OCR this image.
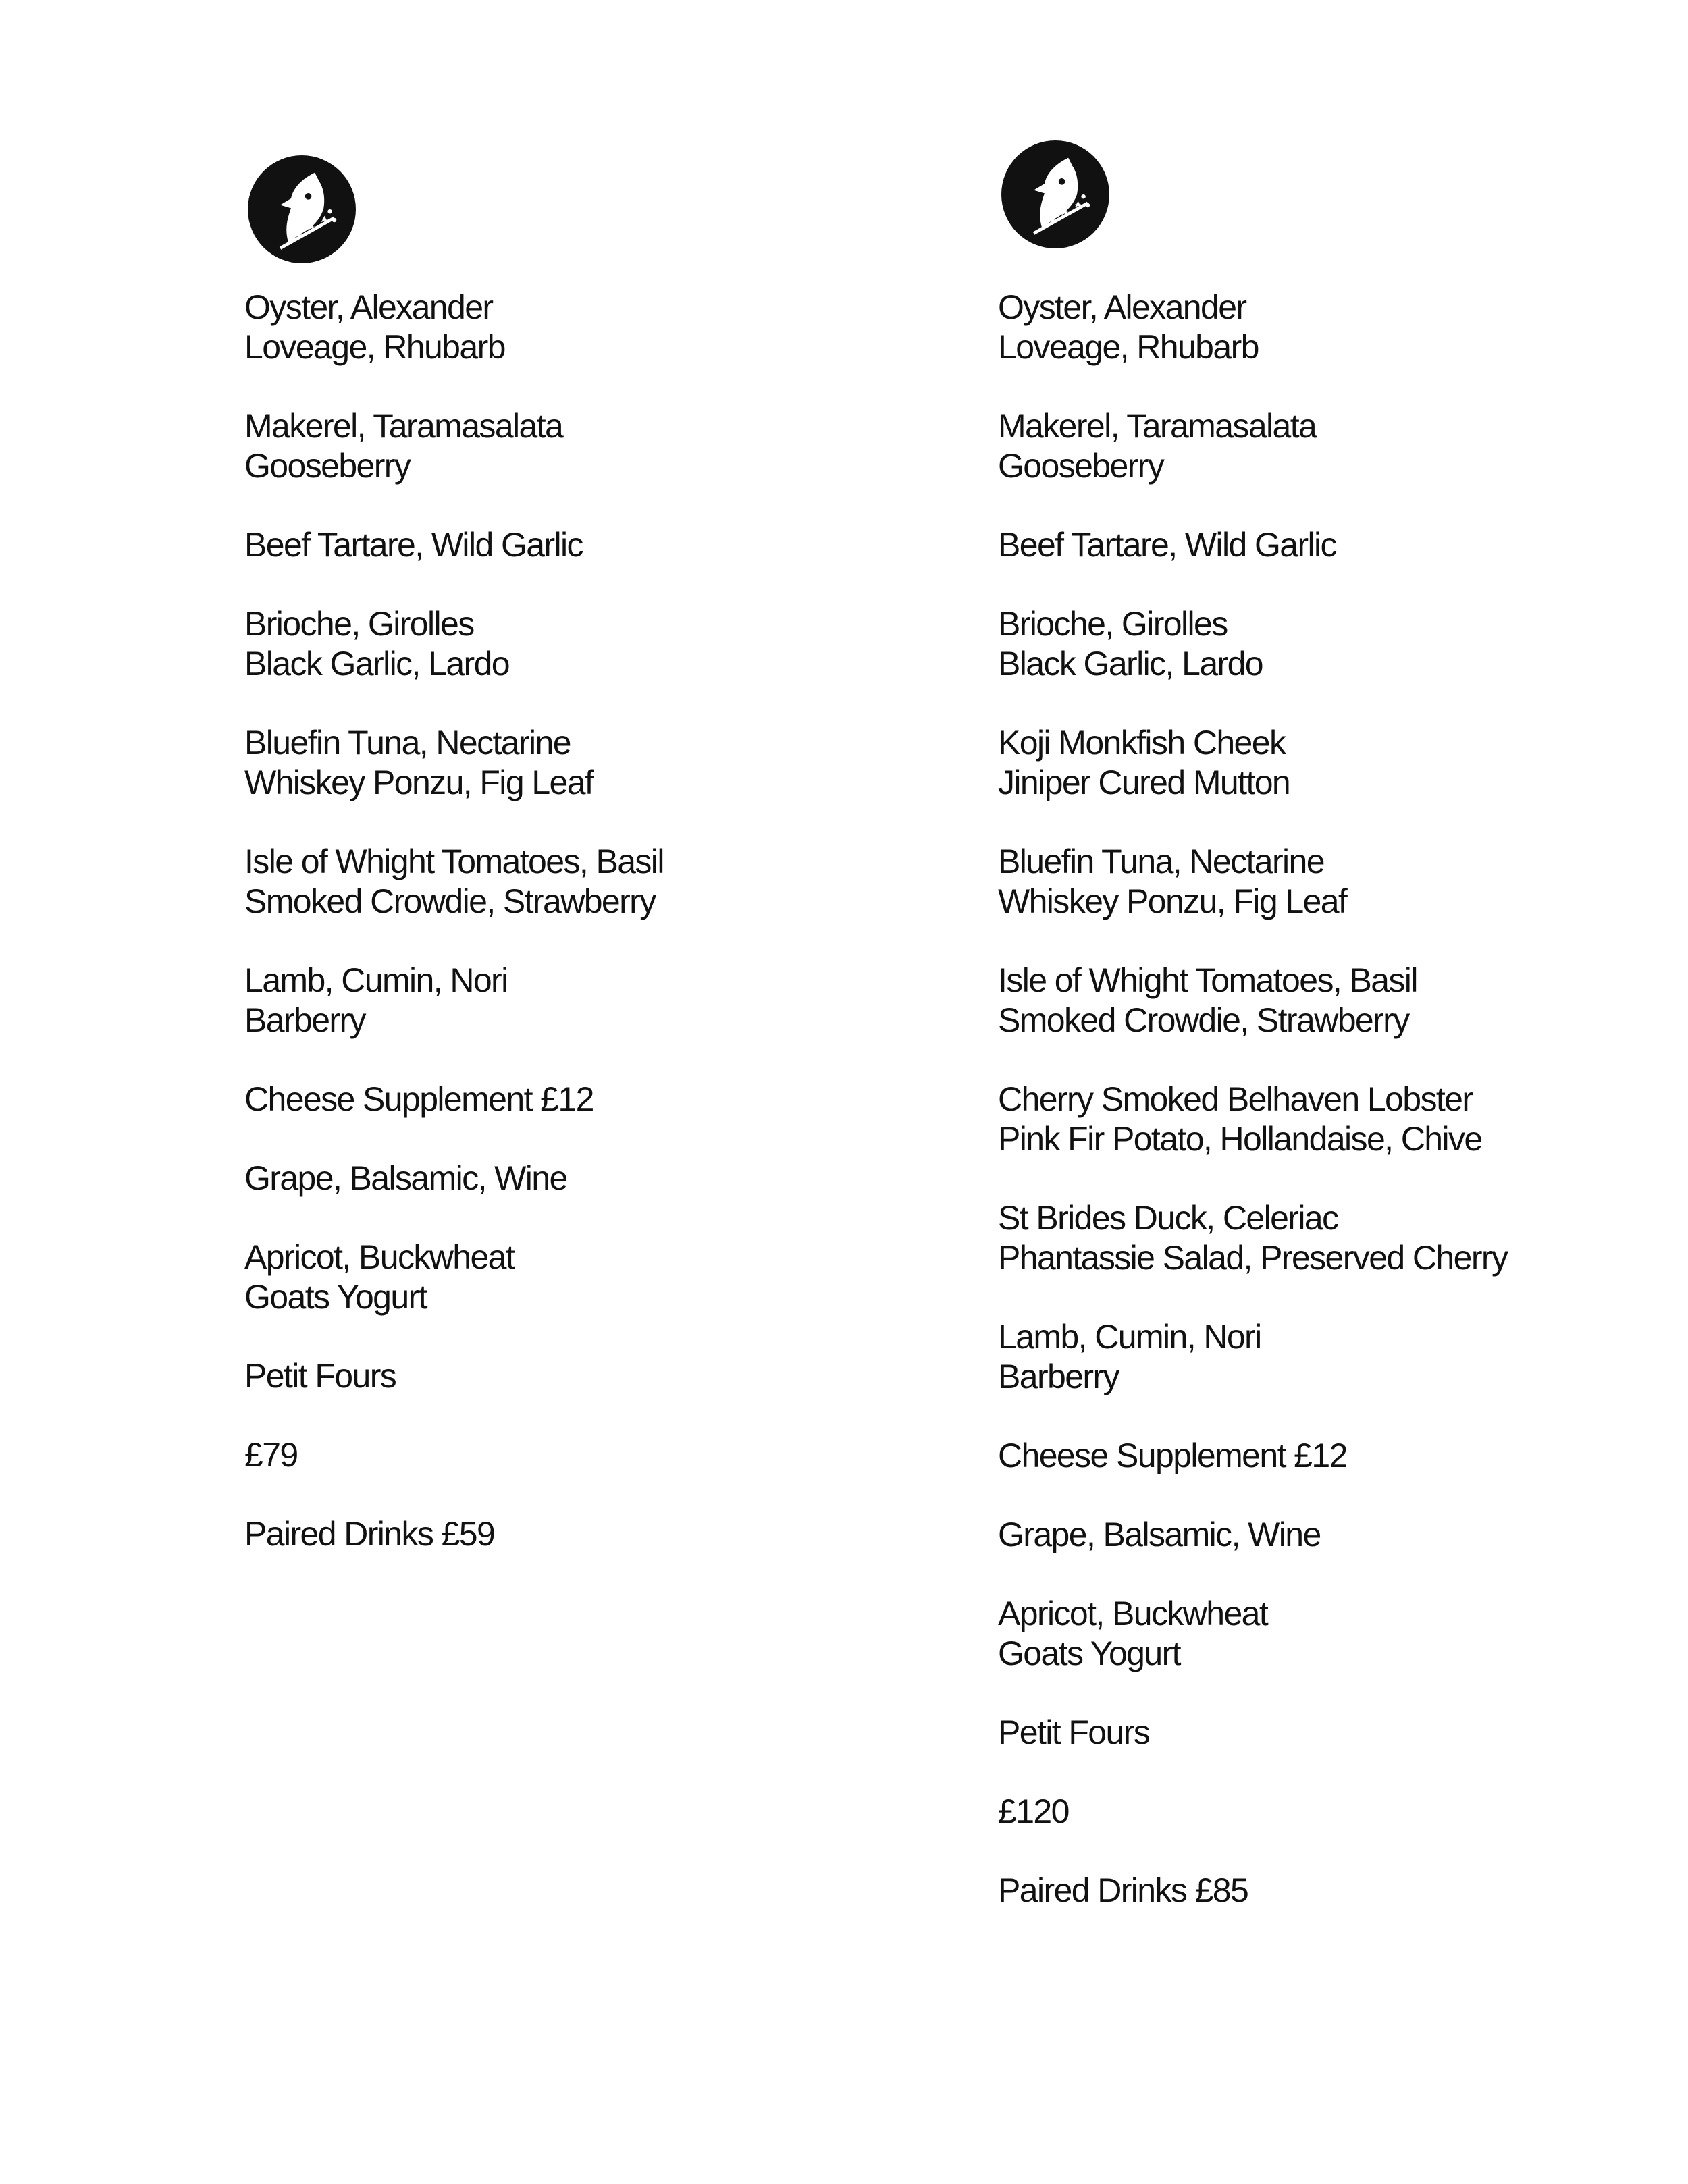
Oyster, Alexander
Loveage, Rhubarb
Makerel, Taramasalata
Gooseberry
Beef Tartare, Wild Garlic
Brioche, Girolles
Black Garlic, Lardo
Bluefin Tuna, Nectarine
Whiskey Ponzu, Fig Leaf
Isle of Whight Tomatoes, Basil
Smoked Crowdie, Strawberry
Lamb, Cumin, Nori
Barberry
Cheese Supplement £12
Grape, Balsamic, Wine
Apricot, Buckwheat
Goats Yogurt
Petit Fours
£79
Paired Drinks £59
Oyster, Alexander
Loveage, Rhubarb
Makerel, Taramasalata
Gooseberry
Beef Tartare, Wild Garlic
Brioche, Girolles
Black Garlic, Lardo
Koji Monkfish Cheek
Jiniper Cured Mutton
Bluefin Tuna, Nectarine
Whiskey Ponzu, Fig Leaf
Isle of Whight Tomatoes, Basil
Smoked Crowdie, Strawberry
Cherry Smoked Belhaven Lobster
Pink Fir Potato, Hollandaise, Chive
St Brides Duck, Celeriac
Phantassie Salad, Preserved Cherry
Lamb, Cumin, Nori
Barberry
Cheese Supplement £12
Grape, Balsamic, Wine
Apricot, Buckwheat
Goats Yogurt
Petit Fours
£120
Paired Drinks £85
